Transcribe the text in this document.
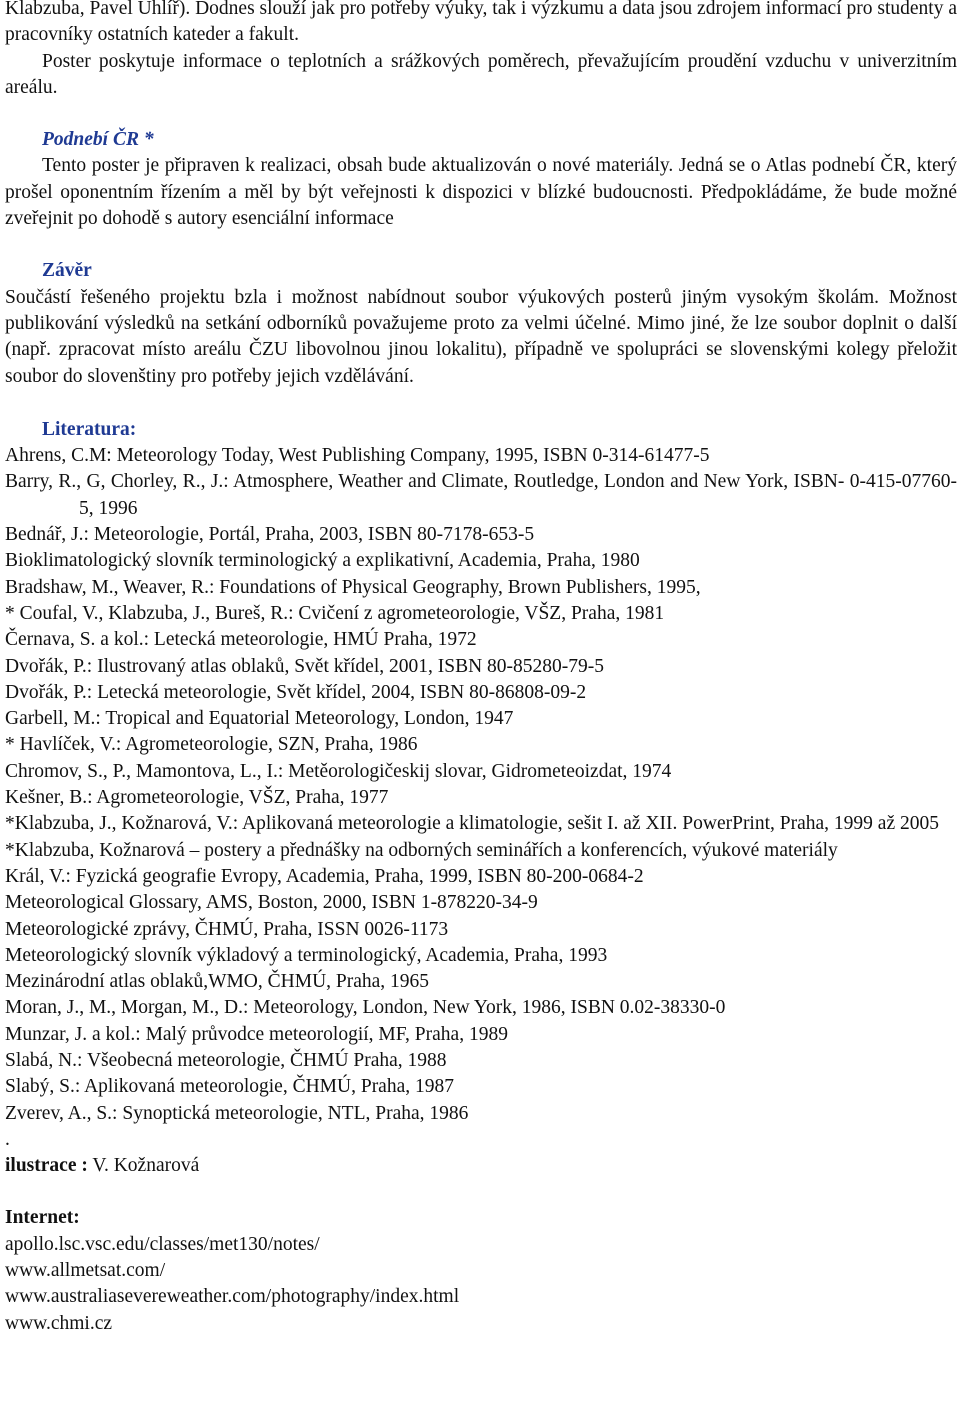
Klabzuba, Pavel Uhlíř). Dodnes slouží jak pro potřeby výuky, tak i výzkumu a data jsou zdrojem informací pro studenty a pracovníky ostatních kateder a fakult.

Poster poskytuje informace o teplotních a srážkových poměrech, převažujícím proudění vzduchu v univerzitním areálu.

Podnebí ČR *

Tento poster je připraven k realizaci, obsah bude aktualizován o nové materiály. Jedná se o Atlas podnebí ČR, který prošel oponentním řízením a měl by být veřejnosti k dispozici v blízké budoucnosti. Předpokládáme, že bude možné zveřejnit po dohodě s autory esenciální informace

Závěr

Součástí řešeného projektu bzla i možnost nabídnout soubor výukových posterů jiným vysokým školám. Možnost publikování výsledků na setkání odborníků považujeme proto za velmi účelné. Mimo jiné, že lze soubor doplnit o další (např. zpracovat místo areálu ČZU libovolnou jinou lokalitu), případně ve spolupráci se slovenskými kolegy přeložit soubor do slovenštiny pro potřeby jejich vzdělávání.

Literatura:

Ahrens, C.M: Meteorology Today, West Publishing Company, 1995, ISBN 0-314-61477-5

Barry, R., G, Chorley, R., J.: Atmosphere, Weather and Climate, Routledge, London and New York, ISBN- 0-415-07760-5, 1996

Bednář, J.: Meteorologie, Portál, Praha, 2003, ISBN 80-7178-653-5

Bioklimatologický slovník terminologický a explikativní, Academia, Praha, 1980

Bradshaw, M., Weaver, R.: Foundations of Physical Geography, Brown Publishers, 1995,

* Coufal, V., Klabzuba, J., Bureš, R.: Cvičení z agrometeorologie, VŠZ, Praha, 1981

Černava, S. a kol.: Letecká meteorologie, HMÚ Praha, 1972

Dvořák, P.: Ilustrovaný atlas oblaků, Svět křídel, 2001, ISBN 80-85280-79-5

Dvořák, P.: Letecká meteorologie, Svět křídel, 2004, ISBN 80-86808-09-2

Garbell, M.: Tropical and Equatorial Meteorology, London, 1947

* Havlíček, V.: Agrometeorologie, SZN, Praha, 1986

Chromov, S., P., Mamontova, L., I.: Metěorologičeskij slovar, Gidrometeoizdat, 1974

Kešner, B.: Agrometeorologie, VŠZ, Praha, 1977

*Klabzuba, J., Kožnarová, V.: Aplikovaná meteorologie a klimatologie, sešit I. až XII. PowerPrint, Praha, 1999 až 2005

*Klabzuba, Kožnarová – postery a přednášky na odborných seminářích a konferencích, výukové materiály

Král, V.: Fyzická geografie Evropy, Academia, Praha, 1999, ISBN 80-200-0684-2

Meteorological Glossary, AMS, Boston, 2000, ISBN 1-878220-34-9

Meteorologické zprávy, ČHMÚ, Praha, ISSN 0026-1173

Meteorologický slovník výkladový a terminologický, Academia, Praha, 1993

Mezinárodní atlas oblaků,WMO, ČHMÚ, Praha, 1965

Moran, J., M., Morgan, M., D.: Meteorology, London, New York, 1986, ISBN 0.02-38330-0

Munzar, J. a kol.: Malý průvodce meteorologií, MF, Praha, 1989

Slabá, N.: Všeobecná meteorologie, ČHMÚ Praha, 1988

Slabý, S.: Aplikovaná meteorologie, ČHMÚ, Praha, 1987

Zverev, A., S.: Synoptická meteorologie, NTL, Praha, 1986

.

ilustrace : V. Kožnarová

Internet:

apollo.lsc.vsc.edu/classes/met130/notes/

www.allmetsat.com/

www.australiasevereweather.com/photography/index.html

www.chmi.cz
